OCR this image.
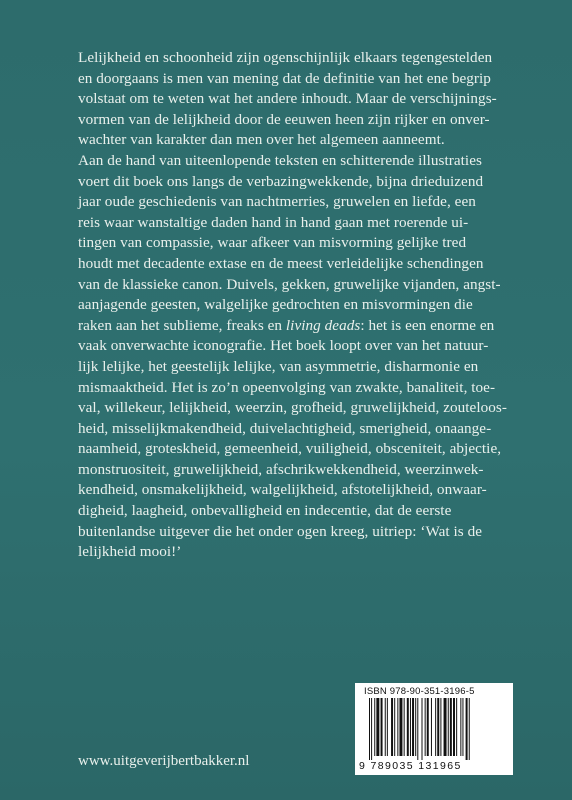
Lelijkheid en schoonheid zijn ogenschijnlijk elkaars tegengestelden
en doorgaans is men van mening dat de definitie van het ene begrip
volstaat om te weten wat het andere inhoudt. Maar de verschijnings-
vormen van de lelijkheid door de eeuwen heen zijn rijker en onver-
wachter van karakter dan men over het algemeen aanneemt.
Aan de hand van uiteenlopende teksten en schitterende illustraties
voert dit boek ons langs de verbazingwekkende, bijna drieduizend
jaar oude geschiedenis van nachtmerries, gruwelen en liefde, een
reis waar wanstaltige daden hand in hand gaan met roerende ui-
tingen van compassie, waar afkeer van misvorming gelijke tred
houdt met decadente extase en de meest verleidelijke schendingen
van de klassieke canon. Duivels, gekken, gruwelijke vijanden, angst-
aanjagende geesten, walgelijke gedrochten en misvormingen die
raken aan het sublieme, freaks en living deads: het is een enorme en
vaak onverwachte iconografie. Het boek loopt over van het natuur-
lijk lelijke, het geestelijk lelijke, van asymmetrie, disharmonie en
mismaaktheid. Het is zo’n opeenvolging van zwakte, banaliteit, toe-
val, willekeur, lelijkheid, weerzin, grofheid, gruwelijkheid, zouteloos-
heid, misselijkmakendheid, duivelachtigheid, smerigheid, onaange-
naamheid, groteskheid, gemeenheid, vuiligheid, obsceniteit, abjectie,
monstruositeit, gruwelijkheid, afschrikwekkendheid, weerzinwek-
kendheid, onsmakelijkheid, walgelijkheid, afstotelijkheid, onwaar-
digheid, laagheid, onbevalligheid en indecentie, dat de eerste
buitenlandse uitgever die het onder ogen kreeg, uitriep: ‘Wat is de
lelijkheid mooi!’
www.uitgeverijbertbakker.nl
ISBN 978-90-351-3196-5
9 789035 131965
